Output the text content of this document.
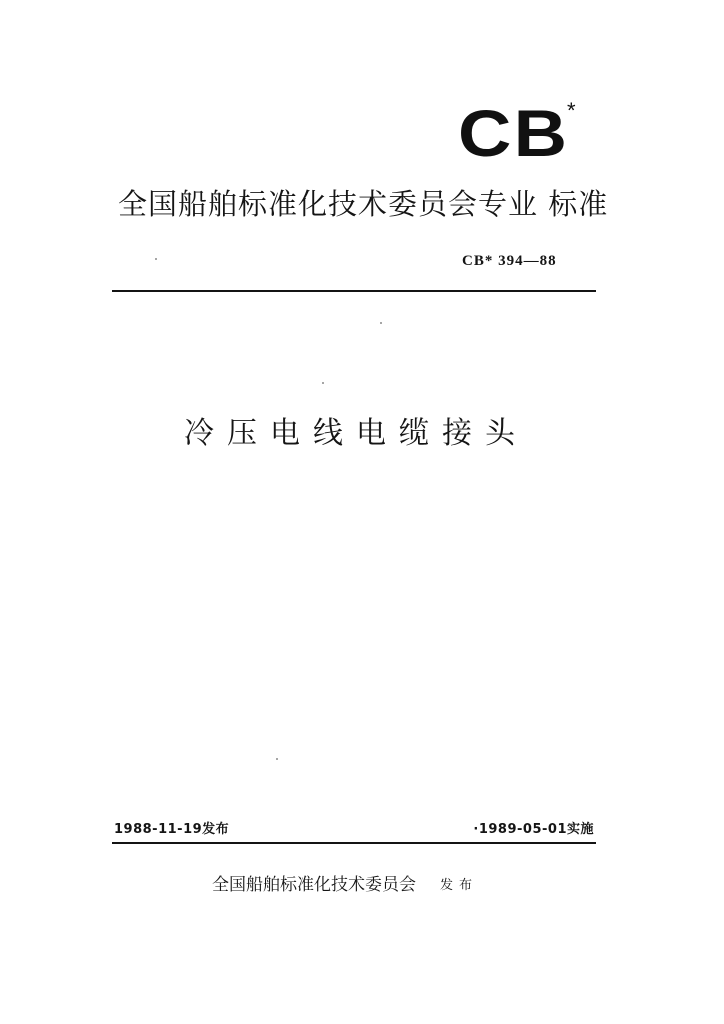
CB
*
全国船舶标准化技术委员会专业 标准
CB* 394—88
冷压电线电缆接头
1988-11-19发布	·1989-05-01实施
全国船舶标准化技术委员会 发布
